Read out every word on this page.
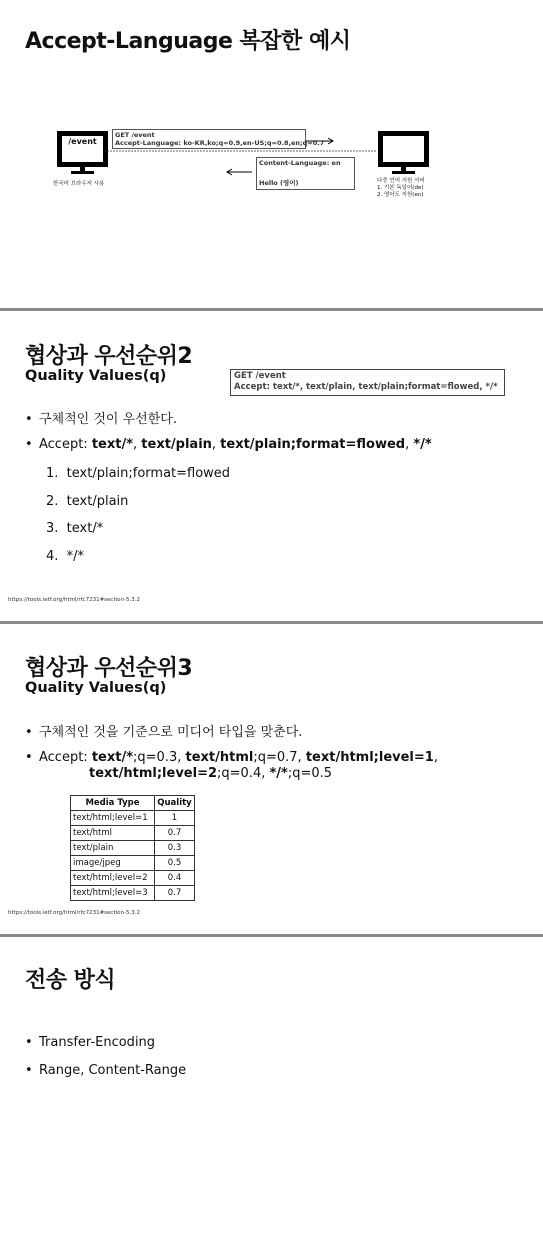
Accept-Language 복잡한 예시
/event
한국어 브라우저 사용
GET /event
Accept-Language: ko-KR,ko;q=0.9,en-US;q=0.8,en;q=0.7
Content-Language: en
Hello (영어)	다중 언어 지원 서버
1. 기본 독일어(de)
2. 영어도 지원(en)
협상과 우선순위2
Quality Values(q)	GET /event
Accept: text/*, text/plain, text/plain;format=flowed, */*
• 구체적인 것이 우선한다.
• Accept: text/*, text/plain, text/plain;format=flowed, */*
1.  text/plain;format=flowed
2.  text/plain
3.  text/*
4.  */*
https://tools.ietf.org/html/rfc7231#section-5.3.2
협상과 우선순위3
Quality Values(q)
• 구체적인 것을 기준으로 미디어 타입을 맞춘다.
• Accept: text/*;q=0.3, text/html;q=0.7, text/html;level=1,
text/html;level=2;q=0.4, */*;q=0.5
Media Type	Quality
text/html;level=1	1
text/html	0.7
text/plain	0.3
image/jpeg	0.5
text/html;level=2	0.4
text/html;level=3	0.7
https://tools.ietf.org/html/rfc7231#section-5.3.2
전송 방식
• Transfer-Encoding
• Range, Content-Range
